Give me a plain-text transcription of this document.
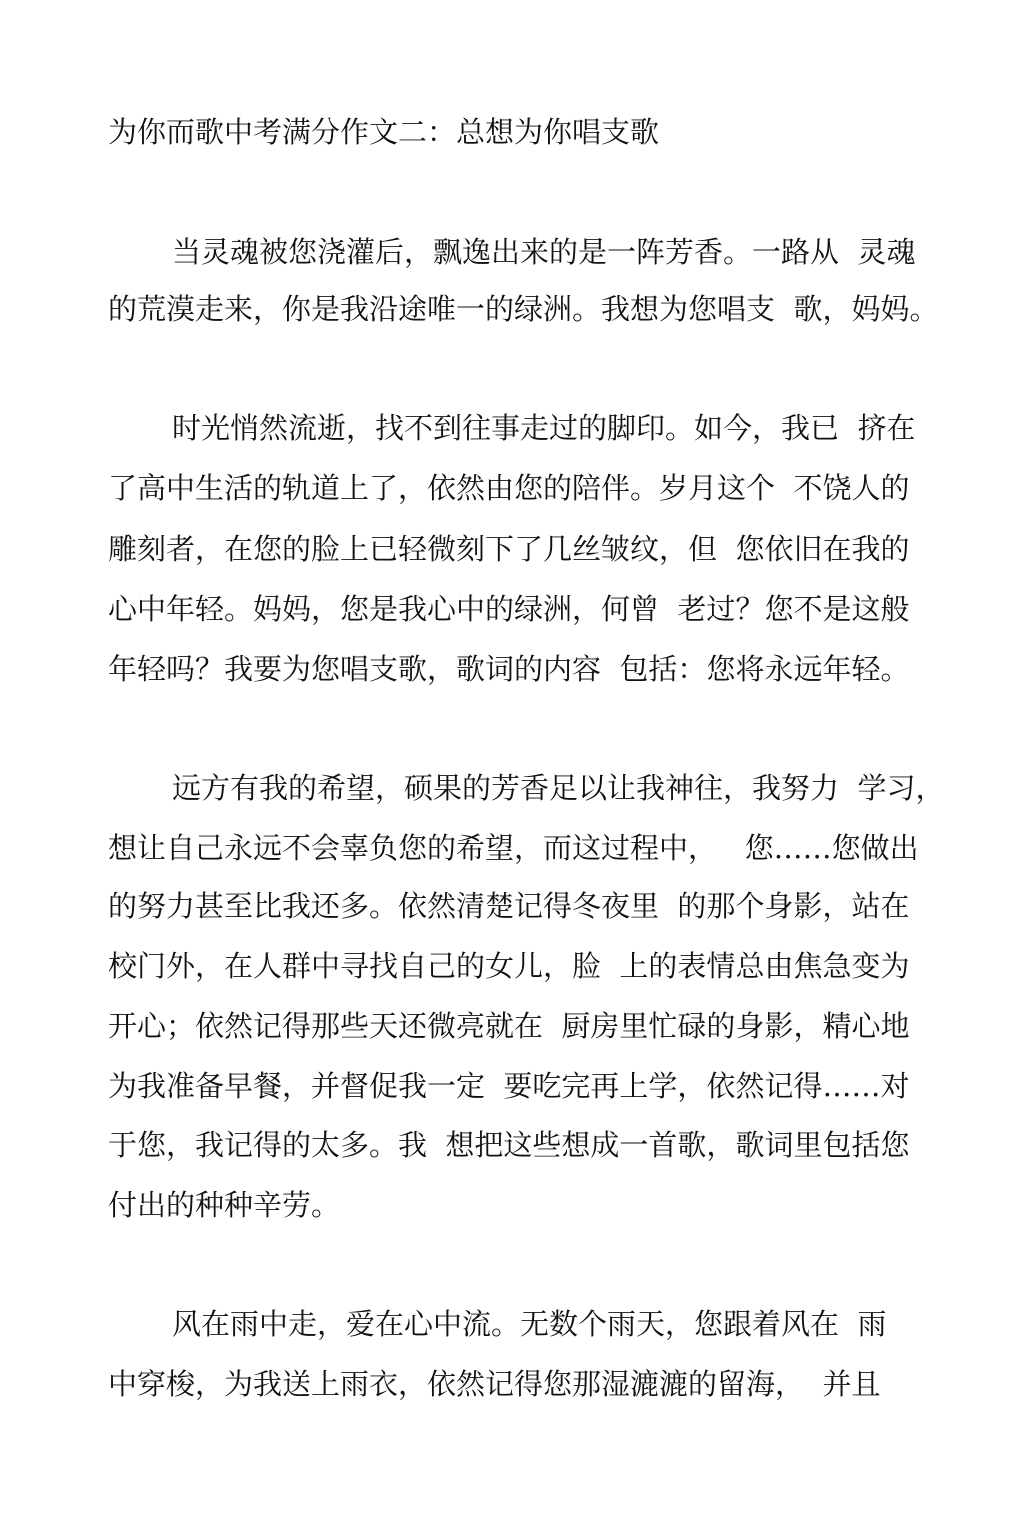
为你而歌中考满分作文二：总想为你唱支歌
当灵魂被您浇灌后，飘逸出来的是一阵芳香。一路从  灵魂
的荒漠走来，你是我沿途唯一的绿洲。我想为您唱支  歌，妈妈。
时光悄然流逝，找不到往事走过的脚印。如今，我已  挤在
了高中生活的轨道上了，依然由您的陪伴。岁月这个  不饶人的
雕刻者，在您的脸上已轻微刻下了几丝皱纹，但  您依旧在我的
心中年轻。妈妈，您是我心中的绿洲，何曾  老过？您不是这般
年轻吗？我要为您唱支歌，歌词的内容  包括：您将永远年轻。
远方有我的希望，硕果的芳香足以让我神往，我努力  学习，
想让自己永远不会辜负您的希望，而这过程中，   您……您做出
的努力甚至比我还多。依然清楚记得冬夜里  的那个身影，站在
校门外，在人群中寻找自己的女儿，脸  上的表情总由焦急变为
开心；依然记得那些天还微亮就在  厨房里忙碌的身影，精心地
为我准备早餐，并督促我一定  要吃完再上学，依然记得……对
于您，我记得的太多。我  想把这些想成一首歌，歌词里包括您
付出的种种辛劳。
风在雨中走，爱在心中流。无数个雨天，您跟着风在  雨
中穿梭，为我送上雨衣，依然记得您那湿漉漉的留海，  并且
